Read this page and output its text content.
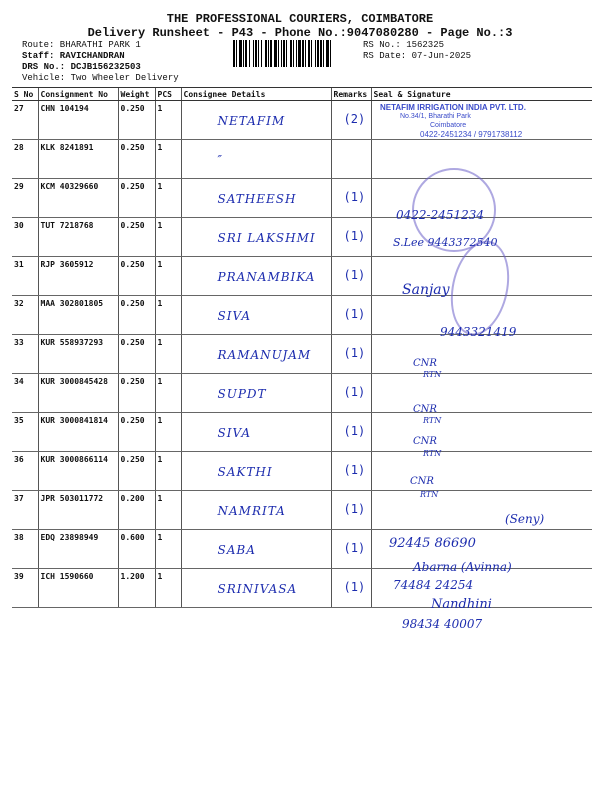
THE PROFESSIONAL COURIERS, COIMBATORE
Delivery Runsheet - P43 - Phone No.:9047080280 - Page No.:3
Route: BHARATHI PARK 1
Staff: RAVICHANDRAN
DRS No.: DCJB156232503
Vehicle: Two Wheeler Delivery
RS No.: 1562325
RS Date: 07-Jun-2025
S No	Consignment No	Weight	PCS	Consignee Details	Remarks	Seal & Signature
27	CHN 104194	0.250	1	NETAFIM	(2)	
28	KLK 8241891	0.250	1	″		
29	KCM 40329660	0.250	1	SATHEESH	(1)	
30	TUT 7218768	0.250	1	SRI LAKSHMI	(1)	
31	RJP 3605912	0.250	1	PRANAMBIKA	(1)	
32	MAA 302801805	0.250	1	SIVA	(1)	
33	KUR 558937293	0.250	1	RAMANUJAM	(1)	
34	KUR 3000845428	0.250	1	SUPDT	(1)	
35	KUR 3000841814	0.250	1	SIVA	(1)	
36	KUR 3000866114	0.250	1	SAKTHI	(1)	
37	JPR 503011772	0.200	1	NAMRITA	(1)	
38	EDQ 23898949	0.600	1	SABA	(1)	
39	ICH 1590660	1.200	1	SRINIVASA	(1)	
NETAFIM IRRIGATION INDIA PVT. LTD.
No.34/1, Bharathi Park
Coimbatore
0422-2451234 / 9791738112
0422-2451234
S.Lee 9443372540
Sanjay
9443321419
CNR
RTN
CNR
RTN
CNR
RTN
CNR
RTN
(Seny)
92445 86690
Abarna (Avinna)
74484 24254
Nandhini
98434 40007
